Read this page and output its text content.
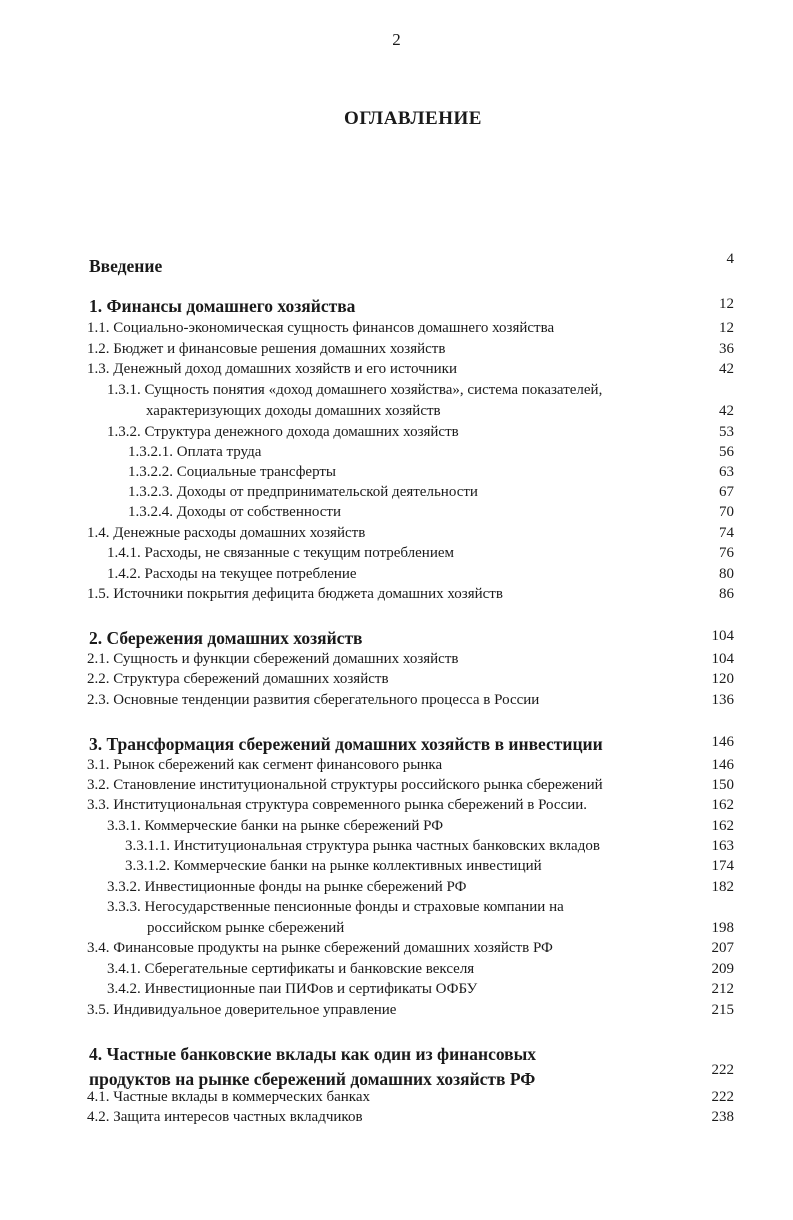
2
ОГЛАВЛЕНИЕ
Введение	4
1. Финансы домашнего хозяйства	12
1.1. Социально-экономическая сущность финансов домашнего хозяйства	12
1.2. Бюджет и финансовые решения домашних хозяйств	36
1.3. Денежный доход домашних хозяйств и его источники	42
1.3.1. Сущность понятия «доход домашнего хозяйства», система показателей,
характеризующих доходы домашних хозяйств	42
1.3.2. Структура денежного дохода домашних хозяйств	53
1.3.2.1. Оплата труда	56
1.3.2.2. Социальные трансферты	63
1.3.2.3. Доходы от предпринимательской деятельности	67
1.3.2.4. Доходы от собственности	70
1.4. Денежные расходы домашних хозяйств	74
1.4.1. Расходы, не связанные с текущим потреблением	76
1.4.2. Расходы на текущее потребление	80
1.5. Источники покрытия дефицита бюджета домашних хозяйств	86
2. Сбережения домашних хозяйств	104
2.1. Сущность и функции сбережений домашних хозяйств	104
2.2. Структура сбережений домашних хозяйств	120
2.3. Основные тенденции развития сберегательного процесса в России	136
3. Трансформация сбережений домашних хозяйств в инвестиции	146
3.1. Рынок сбережений как сегмент финансового рынка	146
3.2. Становление институциональной структуры российского рынка сбережений	150
3.3. Институциональная структура современного рынка сбережений в России.	162
3.3.1. Коммерческие банки на рынке сбережений РФ	162
3.3.1.1. Институциональная структура рынка частных банковских вкладов	163
3.3.1.2. Коммерческие банки на рынке коллективных инвестиций	174
3.3.2. Инвестиционные фонды на рынке сбережений РФ	182
3.3.3. Негосударственные пенсионные фонды и страховые компании на
российском рынке сбережений	198
3.4. Финансовые продукты на рынке сбережений домашних хозяйств РФ	207
3.4.1. Сберегательные сертификаты и банковские векселя	209
3.4.2. Инвестиционные паи ПИФов и сертификаты ОФБУ	212
3.5. Индивидуальное доверительное управление	215
4. Частные банковские вклады как один из финансовых
продуктов на рынке сбережений домашних хозяйств РФ	222
4.1. Частные вклады в коммерческих банках	222
4.2. Защита интересов частных вкладчиков	238
